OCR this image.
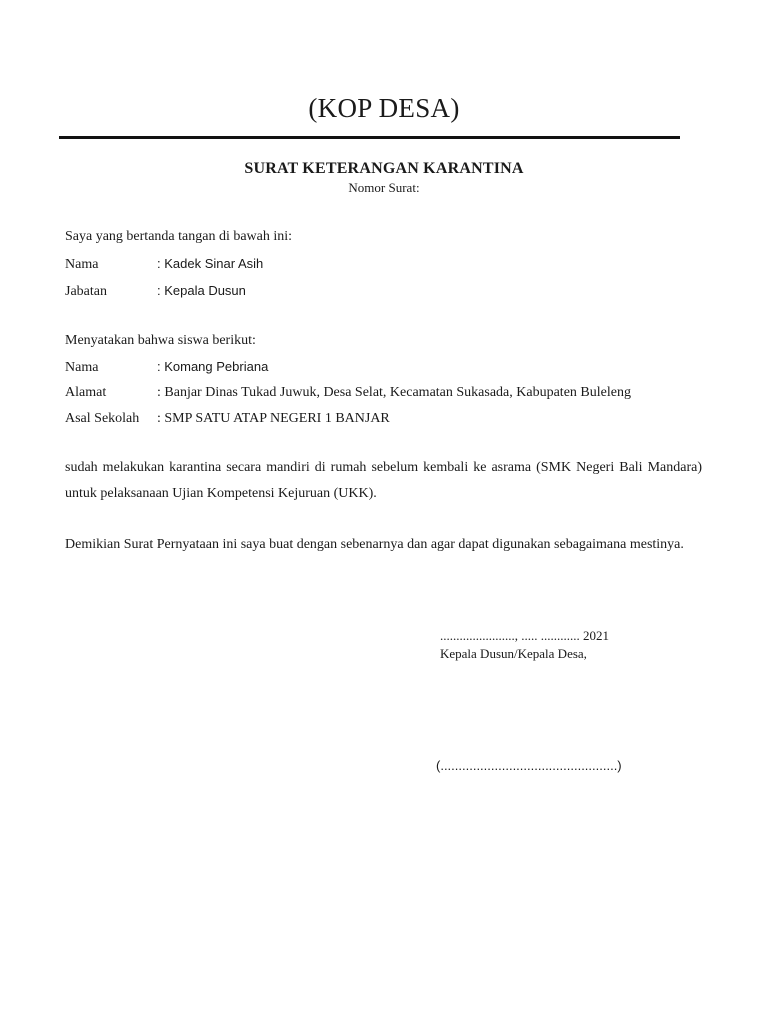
(KOP DESA)
SURAT KETERANGAN KARANTINA
Nomor Surat:
Saya yang bertanda tangan di bawah ini:
Nama	: Kadek Sinar Asih
Jabatan	: Kepala Dusun
Menyatakan bahwa siswa berikut:
Nama	: Komang Pebriana
Alamat	: Banjar Dinas Tukad Juwuk, Desa Selat, Kecamatan Sukasada, Kabupaten Buleleng
Asal Sekolah : SMP SATU ATAP NEGERI 1 BANJAR
sudah melakukan karantina secara mandiri di rumah sebelum kembali ke asrama (SMK Negeri Bali Mandara) untuk pelaksanaan Ujian Kompetensi Kejuruan (UKK).
Demikian Surat Pernyataan ini saya buat dengan sebenarnya dan agar dapat digunakan sebagaimana mestinya.
......................., ..... ............ 2021
Kepala Dusun/Kepala Desa,
(.................................................)
